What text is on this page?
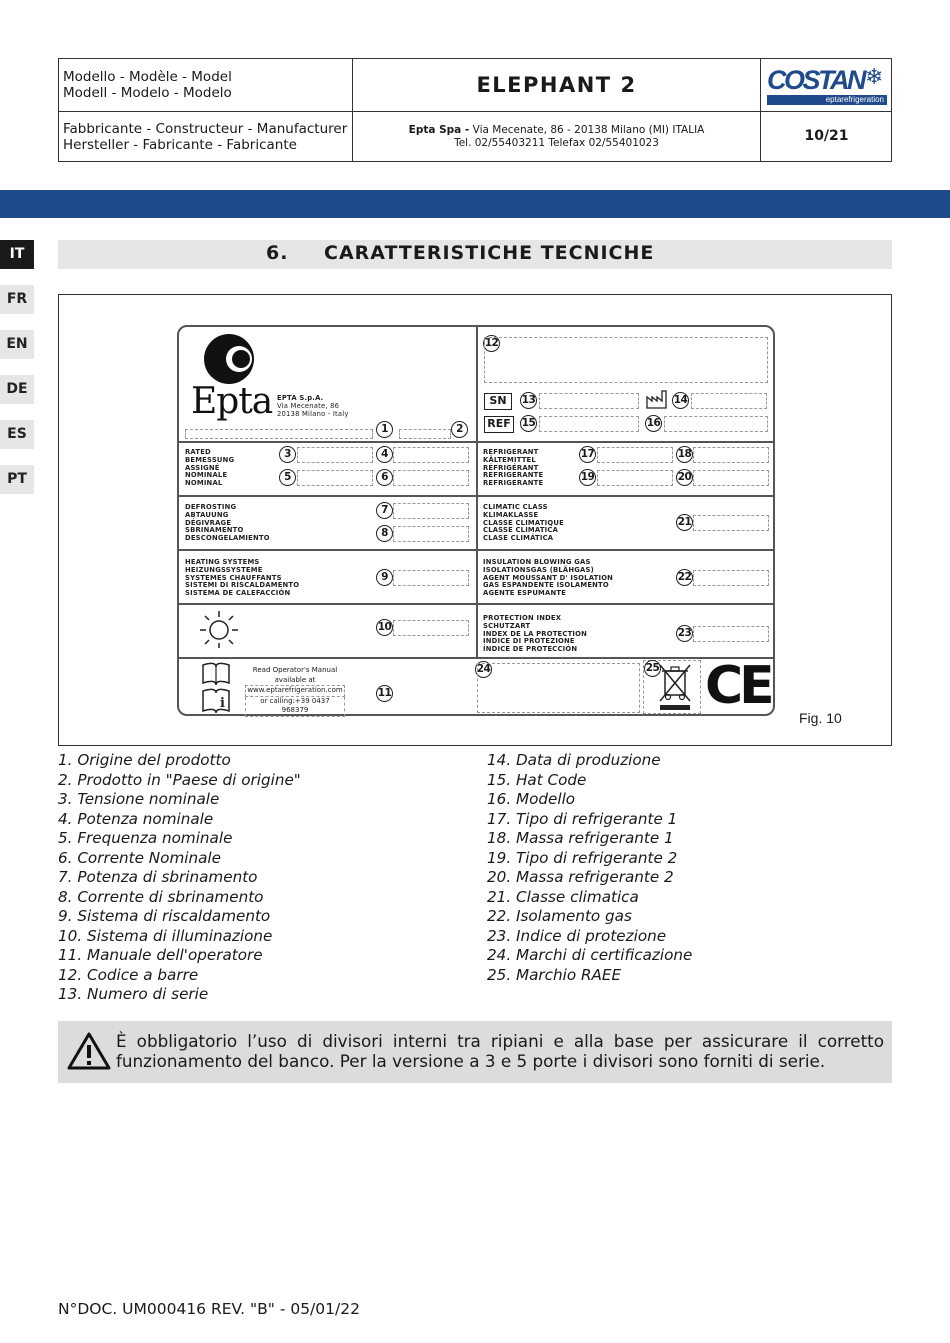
Modello - Modèle - Model
Modell - Modelo - Modelo	ELEPHANT 2	COSTAN ❄
eptarefrigeration
Fabbricante - Constructeur - Manufacturer
Hersteller - Fabricante - Fabricante
Epta Spa - Via Mecenate, 86 - 20138 Milano (MI) ITALIA
Tel. 02/55403211 Telefax 02/55401023	10/21
IT
FR
EN
DE
ES
PT
6. CARATTERISTICHE TECNICHE
Epta EPTA S.p.A.
Via Mecenate, 86
20138 Milano - Italy
1	2
RATED
BEMESSUNG
ASSIGNÉ
NOMINALE
NOMINAL
3	4
5	6
DEFROSTING
ABTAUUNG
DÉGIVRAGE
SBRINAMENTO
DESCONGELAMIENTO
7
8
HEATING SYSTEMS
HEIZUNGSSYSTEME
SYSTEMES CHAUFFANTS
SISTEMI DI RISCALDAMENTO
SISTEMA DE CALEFACCIÓN
9
10
i
Read Operator's Manual
available at
www.eptarefrigeration.com
or calling:+39 0437 968379
11
12
SN	13	14
REF	15	16
REFRIGERANT
KÄLTEMITTEL
RÉFRIGÉRANT
REFRIGERANTE
REFRIGERANTE
17	18
19	20
CLIMATIC CLASS
KLIMAKLASSE
CLASSE CLIMATIQUE
CLASSE CLIMATICA
CLASE CLIMÁTICA
21
INSULATION BLOWING GAS
ISOLATIONSGAS (BLÄHGAS)
AGENT MOUSSANT D' ISOLATION
GAS ESPANDENTE ISOLAMENTO
AGENTE ESPUMANTE
22
PROTECTION INDEX
SCHUTZART
INDEX DE LA PROTECTION
INDICE DI PROTEZIONE
ÍNDICE DE PROTECCIÓN
23
24	25 CE
Fig. 10
1. Origine del prodotto
2. Prodotto in "Paese di origine"
3. Tensione nominale
4. Potenza nominale
5. Frequenza nominale
6. Corrente Nominale
7. Potenza di sbrinamento
8. Corrente di sbrinamento
9. Sistema di riscaldamento
10. Sistema di illuminazione
11. Manuale dell'operatore
12. Codice a barre
13. Numero di serie
14. Data di produzione
15. Hat Code
16. Modello
17. Tipo di refrigerante 1
18. Massa refrigerante 1
19. Tipo di refrigerante 2
20. Massa refrigerante 2
21. Classe climatica
22. Isolamento gas
23. Indice di protezione
24. Marchi di certificazione
25. Marchio RAEE
È obbligatorio l’uso di divisori interni tra ripiani e alla base per assicurare il corretto funzionamento del banco. Per la versione a 3 e 5 porte i divisori sono forniti di serie.
N°DOC. UM000416 REV. "B" - 05/01/22
